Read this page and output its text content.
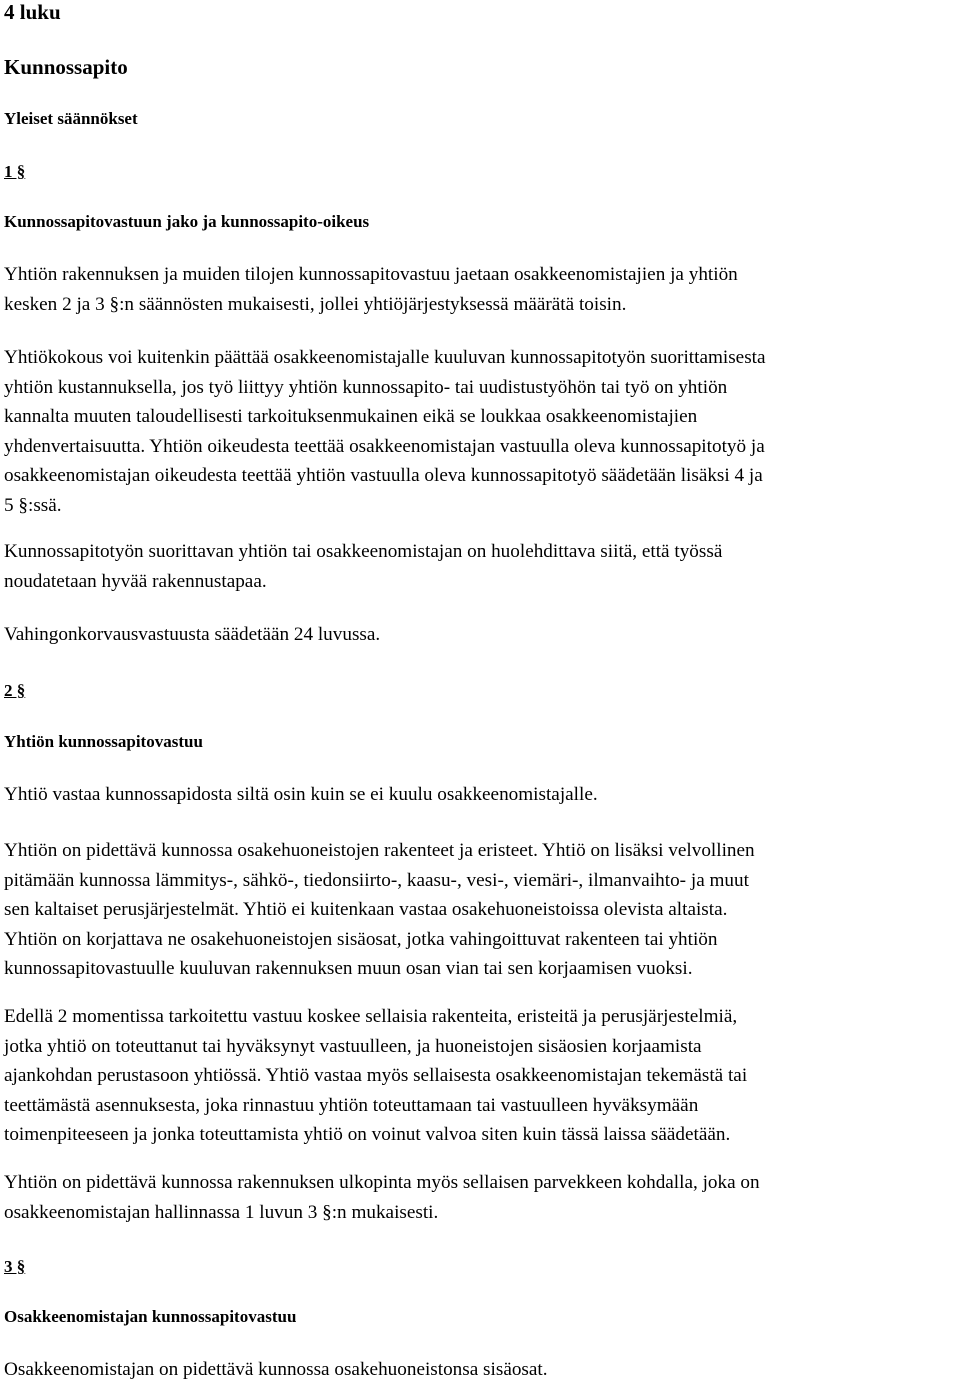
4 luku
Kunnossapito
Yleiset säännökset
1 §
Kunnossapitovastuun jako ja kunnossapito-oikeus

Yhtiön rakennuksen ja muiden tilojen kunnossapitovastuu jaetaan osakkeenomistajien ja yhtiön
kesken 2 ja 3 §:n säännösten mukaisesti, jollei yhtiöjärjestyksessä määrätä toisin.

Yhtiökokous voi kuitenkin päättää osakkeenomistajalle kuuluvan kunnossapitotyön suorittamisesta
yhtiön kustannuksella, jos työ liittyy yhtiön kunnossapito- tai uudistustyöhön tai työ on yhtiön
kannalta muuten taloudellisesti tarkoituksenmukainen eikä se loukkaa osakkeenomistajien
yhdenvertaisuutta. Yhtiön oikeudesta teettää osakkeenomistajan vastuulla oleva kunnossapitotyö ja
osakkeenomistajan oikeudesta teettää yhtiön vastuulla oleva kunnossapitotyö säädetään lisäksi 4 ja
5 §:ssä.

Kunnossapitotyön suorittavan yhtiön tai osakkeenomistajan on huolehdittava siitä, että työssä
noudatetaan hyvää rakennustapaa.

Vahingonkorvausvastuusta säädetään 24 luvussa.

2 §
Yhtiön kunnossapitovastuu

Yhtiö vastaa kunnossapidosta siltä osin kuin se ei kuulu osakkeenomistajalle.

Yhtiön on pidettävä kunnossa osakehuoneistojen rakenteet ja eristeet. Yhtiö on lisäksi velvollinen
pitämään kunnossa lämmitys-, sähkö-, tiedonsiirto-, kaasu-, vesi-, viemäri-, ilmanvaihto- ja muut
sen kaltaiset perusjärjestelmät. Yhtiö ei kuitenkaan vastaa osakehuoneistoissa olevista altaista.
Yhtiön on korjattava ne osakehuoneistojen sisäosat, jotka vahingoittuvat rakenteen tai yhtiön
kunnossapitovastuulle kuuluvan rakennuksen muun osan vian tai sen korjaamisen vuoksi.

Edellä 2 momentissa tarkoitettu vastuu koskee sellaisia rakenteita, eristeitä ja perusjärjestelmiä,
jotka yhtiö on toteuttanut tai hyväksynyt vastuulleen, ja huoneistojen sisäosien korjaamista
ajankohdan perustasoon yhtiössä. Yhtiö vastaa myös sellaisesta osakkeenomistajan tekemästä tai
teettämästä asennuksesta, joka rinnastuu yhtiön toteuttamaan tai vastuulleen hyväksymään
toimenpiteeseen ja jonka toteuttamista yhtiö on voinut valvoa siten kuin tässä laissa säädetään.

Yhtiön on pidettävä kunnossa rakennuksen ulkopinta myös sellaisen parvekkeen kohdalla, joka on
osakkeenomistajan hallinnassa 1 luvun 3 §:n mukaisesti.

3 §
Osakkeenomistajan kunnossapitovastuu

Osakkeenomistajan on pidettävä kunnossa osakehuoneistonsa sisäosat.
